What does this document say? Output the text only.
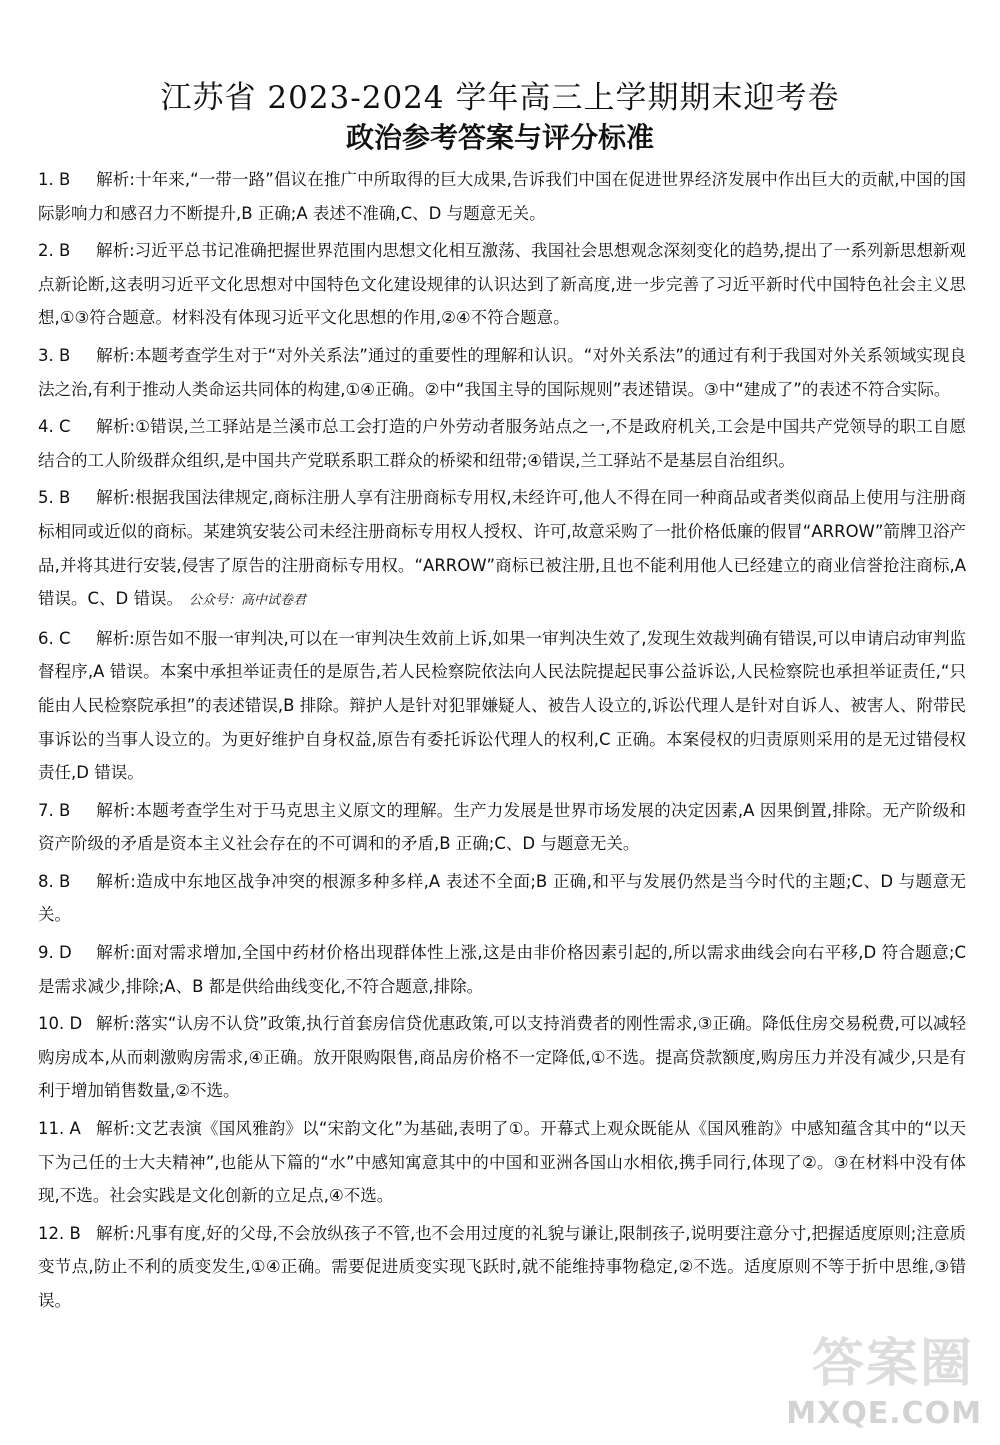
江苏省 2023-2024 学年高三上学期期末迎考卷
政治参考答案与评分标准

1. B 解析:十年来,“一带一路”倡议在推广中所取得的巨大成果,告诉我们中国在促进世界经济发展中作出巨大的贡献,中国的国际影响力和感召力不断提升,B 正确;A 表述不准确,C、D 与题意无关。

2. B 解析:习近平总书记准确把握世界范围内思想文化相互激荡、我国社会思想观念深刻变化的趋势,提出了一系列新思想新观点新论断,这表明习近平文化思想对中国特色文化建设规律的认识达到了新高度,进一步完善了习近平新时代中国特色社会主义思想,①③符合题意。材料没有体现习近平文化思想的作用,②④不符合题意。

3. B 解析:本题考查学生对于“对外关系法”通过的重要性的理解和认识。“对外关系法”的通过有利于我国对外关系领域实现良法之治,有利于推动人类命运共同体的构建,①④正确。②中“我国主导的国际规则”表述错误。③中“建成了”的表述不符合实际。

4. C 解析:①错误,兰工驿站是兰溪市总工会打造的户外劳动者服务站点之一,不是政府机关,工会是中国共产党领导的职工自愿结合的工人阶级群众组织,是中国共产党联系职工群众的桥梁和纽带;④错误,兰工驿站不是基层自治组织。

5. B 解析:根据我国法律规定,商标注册人享有注册商标专用权,未经许可,他人不得在同一种商品或者类似商品上使用与注册商标相同或近似的商标。某建筑安装公司未经注册商标专用权人授权、许可,故意采购了一批价格低廉的假冒“ARROW”箭牌卫浴产品,并将其进行安装,侵害了原告的注册商标专用权。“ARROW”商标已被注册,且也不能利用他人已经建立的商业信誉抢注商标,A 错误。C、D 错误。 公众号：高中试卷君

6. C 解析:原告如不服一审判决,可以在一审判决生效前上诉,如果一审判决生效了,发现生效裁判确有错误,可以申请启动审判监督程序,A 错误。本案中承担举证责任的是原告,若人民检察院依法向人民法院提起民事公益诉讼,人民检察院也承担举证责任,“只能由人民检察院承担”的表述错误,B 排除。辩护人是针对犯罪嫌疑人、被告人设立的,诉讼代理人是针对自诉人、被害人、附带民事诉讼的当事人设立的。为更好维护自身权益,原告有委托诉讼代理人的权利,C 正确。本案侵权的归责原则采用的是无过错侵权责任,D 错误。

7. B 解析:本题考查学生对于马克思主义原文的理解。生产力发展是世界市场发展的决定因素,A 因果倒置,排除。无产阶级和资产阶级的矛盾是资本主义社会存在的不可调和的矛盾,B 正确;C、D 与题意无关。

8. B 解析:造成中东地区战争冲突的根源多种多样,A 表述不全面;B 正确,和平与发展仍然是当今时代的主题;C、D 与题意无关。

9. D 解析:面对需求增加,全国中药材价格出现群体性上涨,这是由非价格因素引起的,所以需求曲线会向右平移,D 符合题意;C 是需求减少,排除;A、B 都是供给曲线变化,不符合题意,排除。

10. D 解析:落实“认房不认贷”政策,执行首套房信贷优惠政策,可以支持消费者的刚性需求,③正确。降低住房交易税费,可以减轻购房成本,从而刺激购房需求,④正确。放开限购限售,商品房价格不一定降低,①不选。提高贷款额度,购房压力并没有减少,只是有利于增加销售数量,②不选。

11. A 解析:文艺表演《国风雅韵》以“宋韵文化”为基础,表明了①。开幕式上观众既能从《国风雅韵》中感知蕴含其中的“以天下为己任的士大夫精神”,也能从下篇的“水”中感知寓意其中的中国和亚洲各国山水相依,携手同行,体现了②。③在材料中没有体现,不选。社会实践是文化创新的立足点,④不选。

12. B 解析:凡事有度,好的父母,不会放纵孩子不管,也不会用过度的礼貌与谦让,限制孩子,说明要注意分寸,把握适度原则;注意质变节点,防止不利的质变发生,①④正确。需要促进质变实现飞跃时,就不能维持事物稳定,②不选。适度原则不等于折中思维,③错误。

答案圈
MXQE.COM
